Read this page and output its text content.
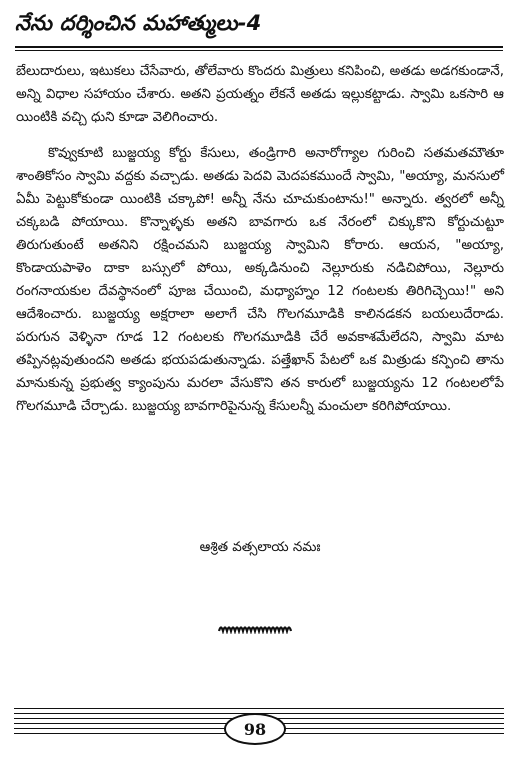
నేను దర్శించిన మహాత్ములు-4

బేలుదారులు, ఇటుకలు చేసేవారు, తోలేవారు కొందరు మిత్రులు కనిపించి, అతడు అడగకుండానే, అన్ని విధాల సహాయం చేశారు. అతని ప్రయత్నం లేకనే అతడు ఇల్లుకట్టాడు. స్వామి ఒకసారి ఆ యింటికి వచ్చి ధుని కూడా వెలిగించారు.

కొవ్వుకూటి బుజ్జయ్య కోర్టు కేసులు, తండ్రిగారి అనారోగ్యాల గురించి సతమతమౌతూ శాంతికోసం స్వామి వద్దకు వచ్చాడు. అతడు పెదవి మెదపకముందే స్వామి, "అయ్యా, మనసులో ఏమీ పెట్టుకోకుండా యింటికి చక్కాపో! అన్నీ నేను చూచుకుంటాను!" అన్నారు. త్వరలో అన్నీ చక్కబడి పోయాయి. కొన్నాళ్ళకు అతని బావగారు ఒక నేరంలో చిక్కుకొని కోర్టుచుట్టూ తిరుగుతుంటే అతనిని రక్షించమని బుజ్జయ్య స్వామిని కోరారు. ఆయన, "అయ్యా, కొండాయపాళెం దాకా బస్సులో పోయి, అక్కడినుంచి నెల్లూరుకు నడిచిపోయి, నెల్లూరు రంగనాయకుల దేవస్థానంలో పూజ చేయించి, మధ్యాహ్నం 12 గంటలకు తిరిగిచ్చెయి!" అని ఆదేశించారు. బుజ్జయ్య అక్షరాలా అలాగే చేసి గొలగమూడికి కాలినడకన బయలుదేరాడు. పరుగున వెళ్ళినా గూడ 12 గంటలకు గొలగమూడికి చేరే అవకాశమేలేదని, స్వామి మాట తప్పినట్లవుతుందని అతడు భయపడుతున్నాడు. పత్తేఖాన్ పేటలో ఒక మిత్రుడు కన్పించి తాను మానుకున్న ప్రభుత్వ క్యాంపును మరలా వేసుకొని తన కారులో బుజ్జయ్యను 12 గంటలలోపే గొలగమూడి చేర్చాడు. బుజ్జయ్య బావగారిపైనున్న కేసులన్నీ మంచులా కరిగిపోయాయి.

ఆశ్రిత వత్సలాయ నమః
98
